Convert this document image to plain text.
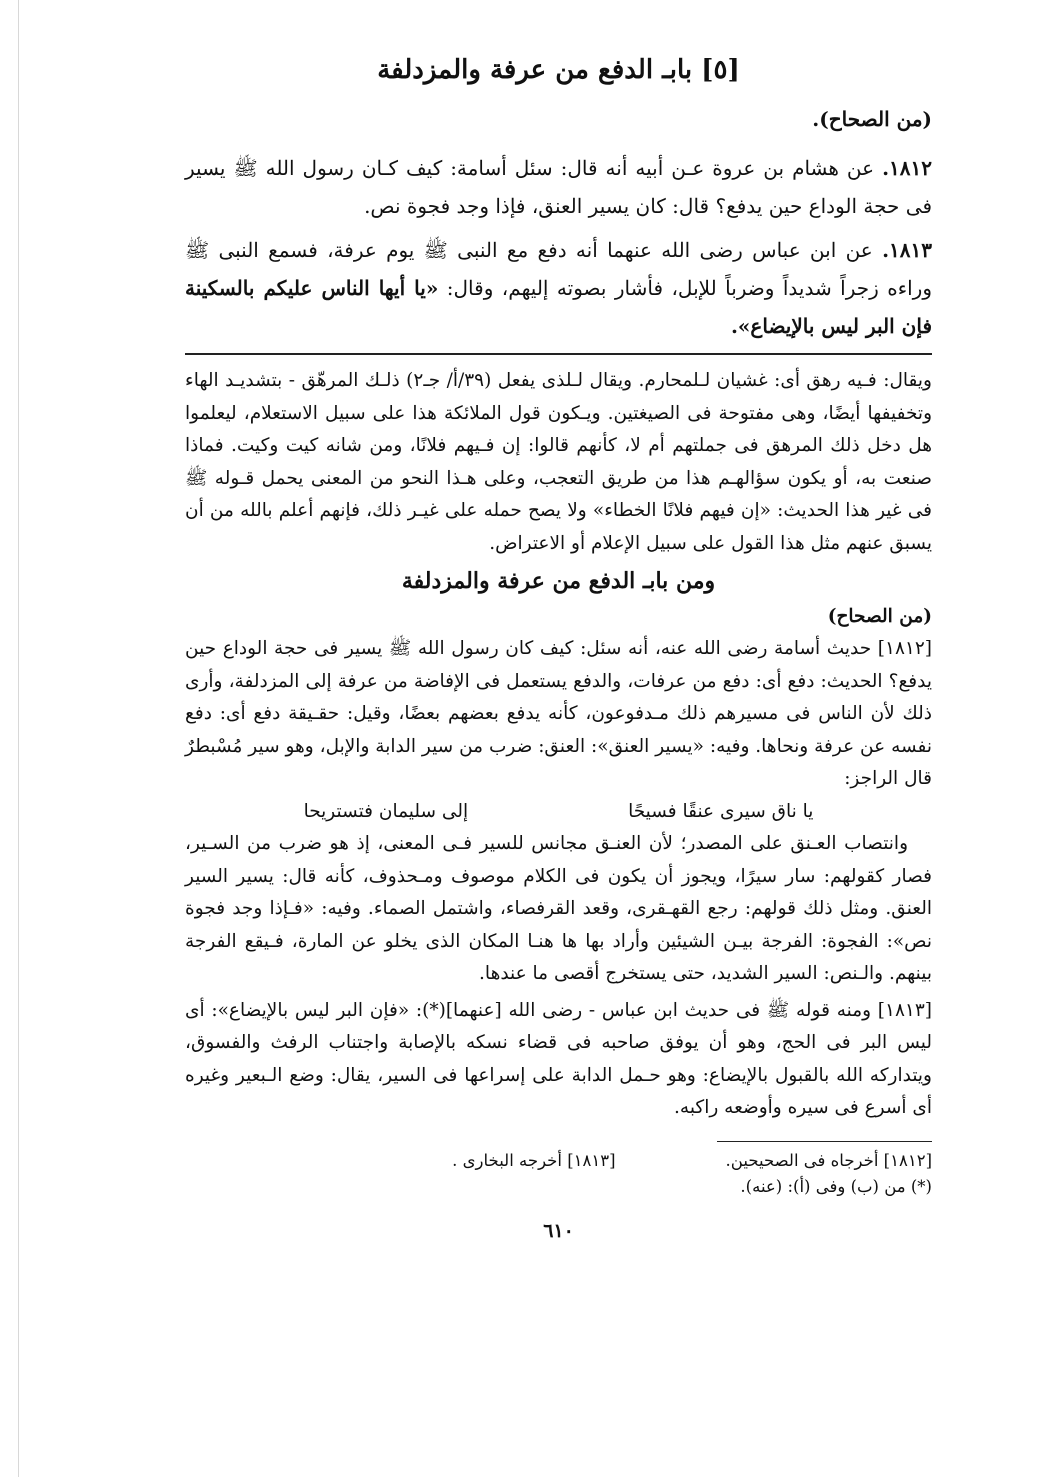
[٥] بابـ الدفع من عرفة والمزدلفة
(من الصحاح).

١٨١٢. عن هشام بن عروة عـن أبيه أنه قال: سئل أسامة: كيف كـان رسول الله ﷺ يسير فى حجة الوداع حين يدفع؟ قال: كان يسير العنق، فإذا وجد فجوة نص.

١٨١٣. عن ابن عباس رضى الله عنهما أنه دفع مع النبى ﷺ يوم عرفة، فسمع النبى ﷺ وراءه زجراً شديداً وضرباً للإبل، فأشار بصوته إليهم، وقال: «يا أيها الناس عليكم بالسكينة فإن البر ليس بالإيضاع».

ويقال: فـيه رهق أى: غشيان لـلمحارم. ويقال لـلذى يفعل (٣٩/أ/ جـ٢) ذلـك المرهّق - بتشديـد الهاء وتخفيفها أيضًا، وهى مفتوحة فى الصيغتين. ويـكون قول الملائكة هذا على سبيل الاستعلام، ليعلموا هل دخل ذلك المرهق فى جملتهم أم لا، كأنهم قالوا: إن فـيهم فلانًا، ومن شانه كيت وكيت. فماذا صنعت به، أو يكون سؤالهـم هذا من طريق التعجب، وعلى هـذا النحو من المعنى يحمل قـوله ﷺ فى غير هذا الحديث: «إن فيهم فلانًا الخطاء» ولا يصح حمله على غيـر ذلك، فإنهم أعلم بالله من أن يسبق عنهم مثل هذا القول على سبيل الإعلام أو الاعتراض.

ومن بابـ الدفع من عرفة والمزدلفة
(من الصحاح)

[١٨١٢] حديث أسامة رضى الله عنه، أنه سئل: كيف كان رسول الله ﷺ يسير فى حجة الوداع حين يدفع؟ الحديث: دفع أى: دفع من عرفات، والدفع يستعمل فى الإفاضة من عرفة إلى المزدلفة، وأرى ذلك لأن الناس فى مسيرهم ذلك مـدفوعون، كأنه يدفع بعضهم بعضًا، وقيل: حقـيقة دفع أى: دفع نفسه عن عرفة ونحاها. وفيه: «يسير العنق»: العنق: ضرب من سير الدابة والإبل، وهو سير مُسْبطرٌ قال الراجز:

يا ناق سيرى عنقًا فسيحًا
إلى سليمان فتستريحا

وانتصاب العـنق على المصدر؛ لأن العنـق مجانس للسير فـى المعنى، إذ هو ضرب من السـير، فصار كقولهم: سار سيرًا، ويجوز أن يكون فى الكلام موصوف ومـحذوف، كأنه قال: يسير السير العنق. ومثل ذلك قولهم: رجع القهـقرى، وقعد القرفصاء، واشتمل الصماء. وفيه: «فـإذا وجد فجوة نص»: الفجوة: الفرجة بيـن الشيئين وأراد بها ها هنـا المكان الذى يخلو عن المارة، فـيقع الفرجة بينهم. والـنص: السير الشديد، حتى يستخرج أقصى ما عندها.

[١٨١٣] ومنه قوله ﷺ فى حديث ابن عباس - رضى الله [عنهما](*): «فإن البر ليس بالإيضاع»: أى ليس البر فى الحج، وهو أن يوفق صاحبه فى قضاء نسكه بالإصابة واجتناب الرفث والفسوق، ويتداركه الله بالقبول بالإيضاع: وهو حـمل الدابة على إسراعها فى السير، يقال: وضع الـبعير وغيره أى أسرع فى سيره وأوضعه راكبه.

[١٨١٢] أخرجاه فى الصحيحين.
[١٨١٣] أخرجه البخارى .
(*) من (ب) وفى (أ): (عنه).
٦١٠
